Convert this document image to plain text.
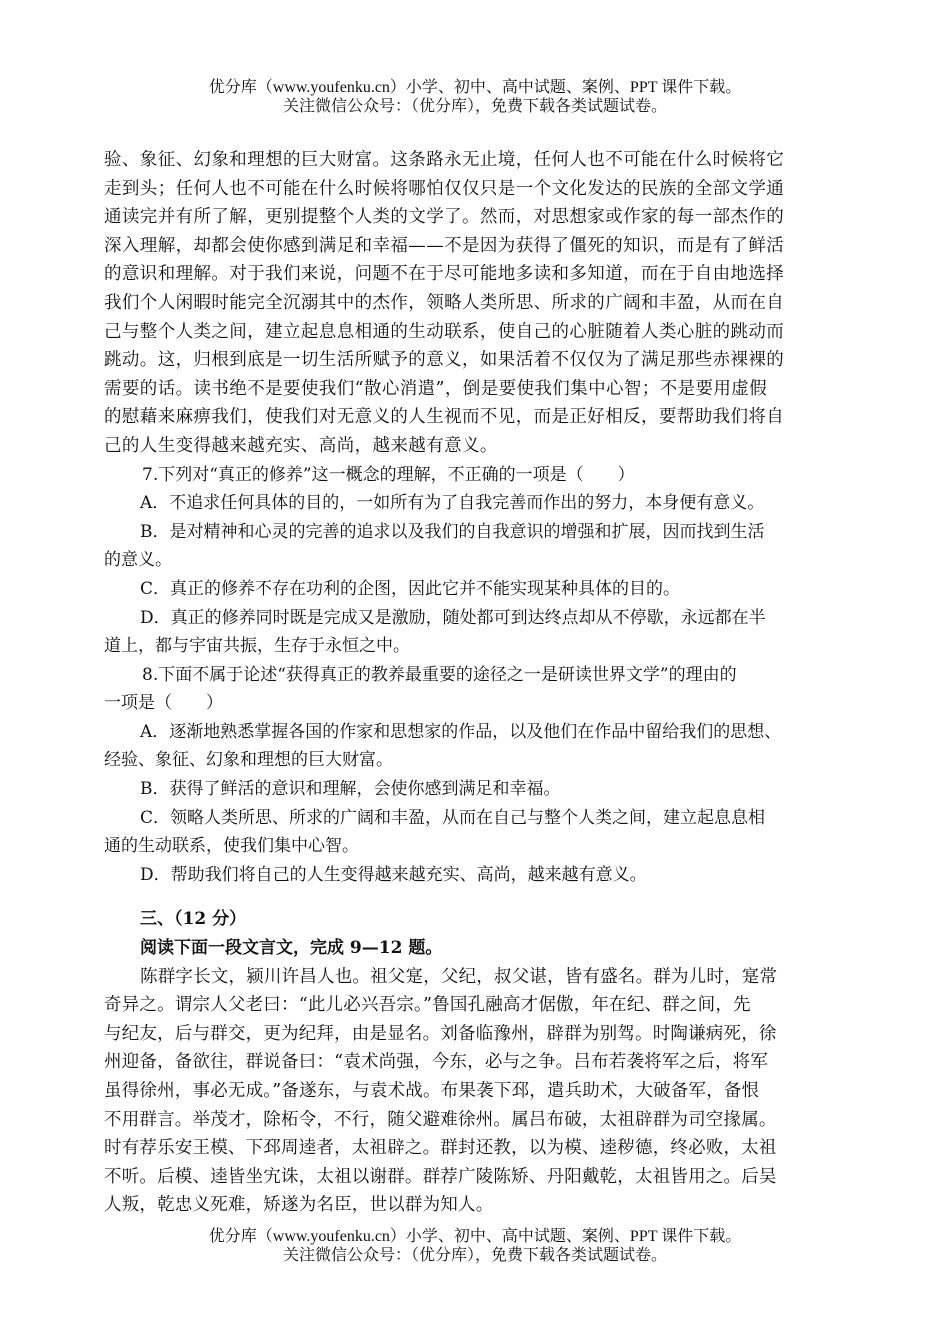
优分库（www.youfenku.cn）小学、初中、高中试题、案例、PPT 课件下载。
关注微信公众号：（优分库），免费下载各类试题试卷。
验、象征、幻象和理想的巨大财富。这条路永无止境，任何人也不可能在什么时候将它
走到头；任何人也不可能在什么时候将哪怕仅仅只是一个文化发达的民族的全部文学通
通读完并有所了解，更别提整个人类的文学了。然而，对思想家或作家的每一部杰作的
深入理解，却都会使你感到满足和幸福——不是因为获得了僵死的知识，而是有了鲜活
的意识和理解。对于我们来说，问题不在于尽可能地多读和多知道，而在于自由地选择
我们个人闲暇时能完全沉溺其中的杰作，领略人类所思、所求的广阔和丰盈，从而在自
己与整个人类之间，建立起息息相通的生动联系，使自己的心脏随着人类心脏的跳动而
跳动。这，归根到底是一切生活所赋予的意义，如果活着不仅仅为了满足那些赤裸裸的
需要的话。读书绝不是要使我们“散心消遣”，倒是要使我们集中心智；不是要用虚假
的慰藉来麻痹我们，使我们对无意义的人生视而不见，而是正好相反，要帮助我们将自
己的人生变得越来越充实、高尚，越来越有意义。
7.下列对“真正的修养”这一概念的理解，不正确的一项是（　　）
A．不追求任何具体的目的，一如所有为了自我完善而作出的努力，本身便有意义。
B．是对精神和心灵的完善的追求以及我们的自我意识的增强和扩展，因而找到生活
的意义。
C．真正的修养不存在功利的企图，因此它并不能实现某种具体的目的。
D．真正的修养同时既是完成又是激励，随处都可到达终点却从不停歇，永远都在半
道上，都与宇宙共振，生存于永恒之中。
8.下面不属于论述“获得真正的教养最重要的途径之一是研读世界文学”的理由的
一项是（　　）
A．逐渐地熟悉掌握各国的作家和思想家的作品，以及他们在作品中留给我们的思想、
经验、象征、幻象和理想的巨大财富。
B．获得了鲜活的意识和理解，会使你感到满足和幸福。
C．领略人类所思、所求的广阔和丰盈，从而在自己与整个人类之间，建立起息息相
通的生动联系，使我们集中心智。
D．帮助我们将自己的人生变得越来越充实、高尚，越来越有意义。
三、（12 分）
阅读下面一段文言文，完成 9—12 题。
陈群字长文，颍川许昌人也。祖父寔，父纪，叔父谌，皆有盛名。群为儿时，寔常
奇异之。谓宗人父老曰：“此儿必兴吾宗。”鲁国孔融高才倨傲，年在纪、群之间，先
与纪友，后与群交，更为纪拜，由是显名。刘备临豫州，辟群为别驾。时陶谦病死，徐
州迎备，备欲往，群说备曰：“袁术尚强，今东，必与之争。吕布若袭将军之后，将军
虽得徐州，事必无成。”备遂东，与袁术战。布果袭下邳，遣兵助术，大破备军，备恨
不用群言。举茂才，除柘令，不行，随父避难徐州。属吕布破，太祖辟群为司空掾属。
时有荐乐安王模、下邳周逵者，太祖辟之。群封还教，以为模、逵秽德，终必败，太祖
不听。后模、逵皆坐宄诛，太祖以谢群。群荐广陵陈矫、丹阳戴乾，太祖皆用之。后吴
人叛，乾忠义死难，矫遂为名臣，世以群为知人。
优分库（www.youfenku.cn）小学、初中、高中试题、案例、PPT 课件下载。
关注微信公众号：（优分库），免费下载各类试题试卷。
